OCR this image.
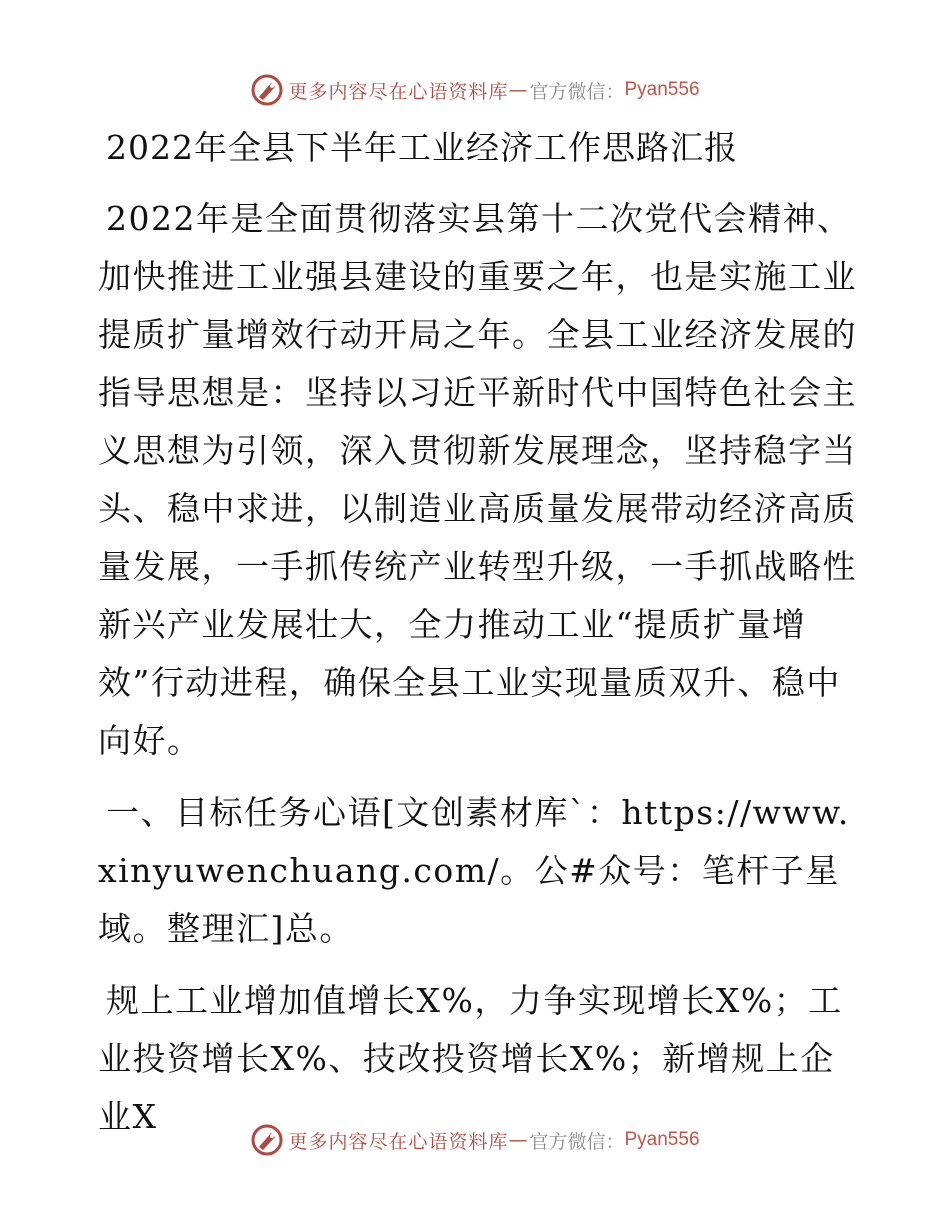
更多内容尽在心语资料库 — 官方微信： Pyan556
2022年全县下半年工业经济工作思路汇报

2022年是全面贯彻落实县第十二次党代会精神、加快推进工业强县建设的重要之年，也是实施工业提质扩量增效行动开局之年。全县工业经济发展的指导思想是：坚持以习近平新时代中国特色社会主义思想为引领，深入贯彻新发展理念，坚持稳字当头、稳中求进，以制造业高质量发展带动经济高质量发展，一手抓传统产业转型升级，一手抓战略性新兴产业发展壮大，全力推动工业“提质扩量增效”行动进程，确保全县工业实现量质双升、稳中向好。

一、目标任务心语[文创素材库`：https://www.xinyuwenchuang.com/。公#众号：笔杆子星域。整理汇]总。

规上工业增加值增长X%，力争实现增长X%；工业投资增长X%、技改投资增长X%；新增规上企业X

更多内容尽在心语资料库 — 官方微信： Pyan556
